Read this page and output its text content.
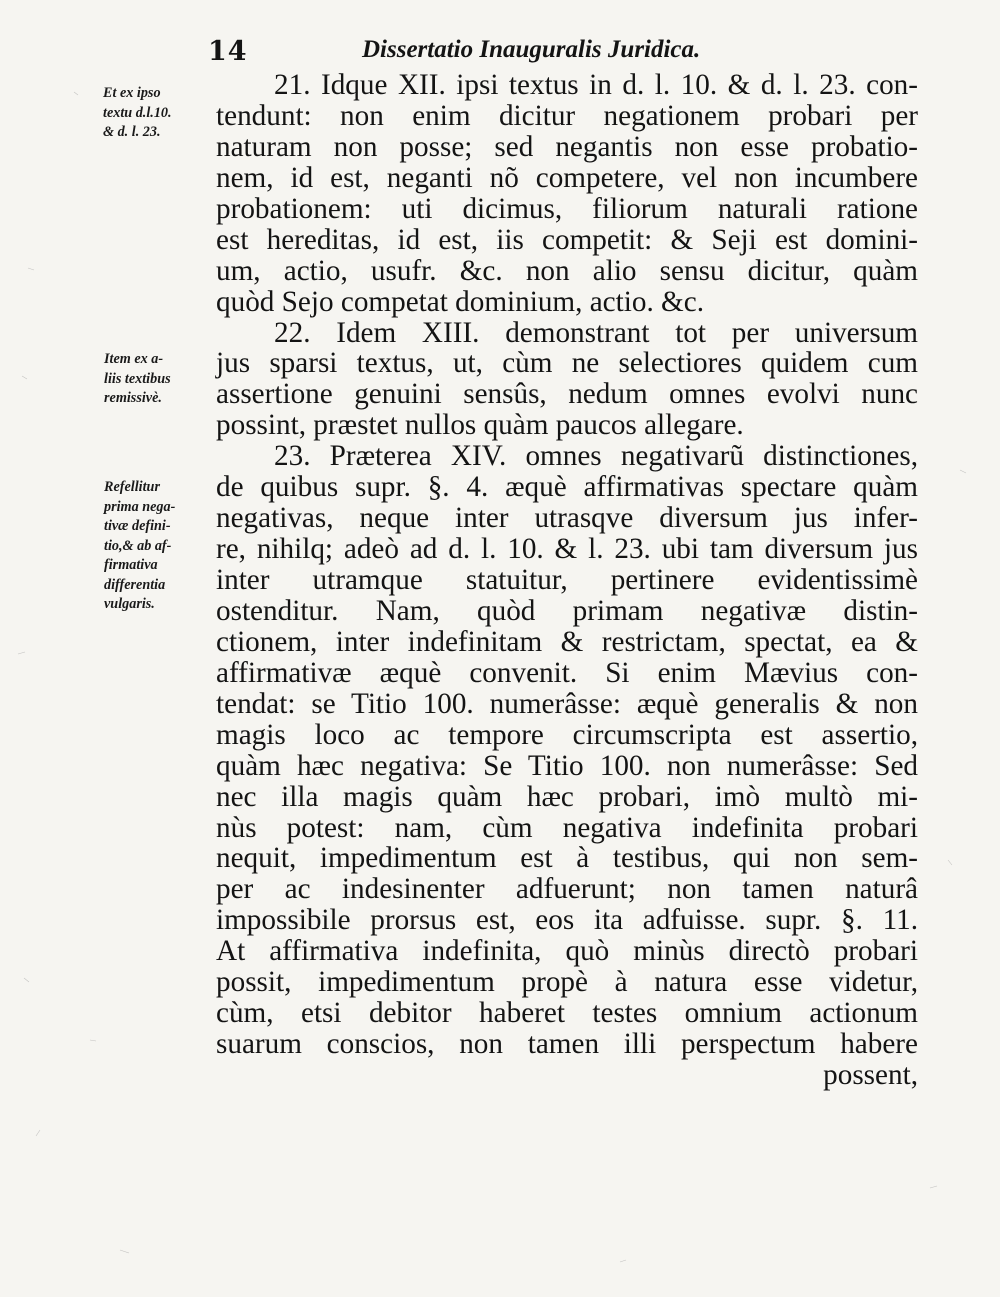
14	Dissertatio Inauguralis Juridica.
Et ex ipso
textu d.l.10.
& d. l. 23.
Item ex a-
liis textibus
remissivè.
Refellitur
prima nega-
tivæ defini-
tio,& ab af-
firmativa
differentia
vulgaris.
21. Idque XII. ipsi textus in d. l. 10. & d. l. 23. con-
tendunt: non enim dicitur negationem probari per
naturam non posse; sed negantis non esse probatio-
nem, id est, neganti nõ competere, vel non incumbere
probationem: uti dicimus, filiorum naturali ratione
est hereditas, id est, iis competit: & Seji est domini-
um, actio, usufr. &c. non alio sensu dicitur, quàm
quòd Sejo competat dominium, actio. &c.
22. Idem XIII. demonstrant tot per universum
jus sparsi textus, ut, cùm ne selectiores quidem cum
assertione genuini sensûs, nedum omnes evolvi nunc
possint, præstet nullos quàm paucos allegare.
23. Præterea XIV. omnes negativarũ distinctiones,
de quibus supr. §. 4. æquè affirmativas spectare quàm
negativas, neque inter utrasqve diversum jus infer-
re, nihilq; adeò ad d. l. 10. & l. 23. ubi tam diversum jus
inter utramque statuitur, pertinere evidentissimè
ostenditur. Nam, quòd primam negativæ distin-
ctionem, inter indefinitam & restrictam, spectat, ea &
affirmativæ æquè convenit. Si enim Mævius con-
tendat: se Titio 100. numerâsse: æquè generalis & non
magis loco ac tempore circumscripta est assertio,
quàm hæc negativa: Se Titio 100. non numerâsse: Sed
nec illa magis quàm hæc probari, imò multò mi-
nùs potest: nam, cùm negativa indefinita probari
nequit, impedimentum est à testibus, qui non sem-
per ac indesinenter adfuerunt; non tamen naturâ
impossibile prorsus est, eos ita adfuisse. supr. §. 11.
At affirmativa indefinita, quò minùs directò probari
possit, impedimentum propè à natura esse videtur,
cùm, etsi debitor haberet testes omnium actionum
suarum conscios, non tamen illi perspectum habere
possent,
